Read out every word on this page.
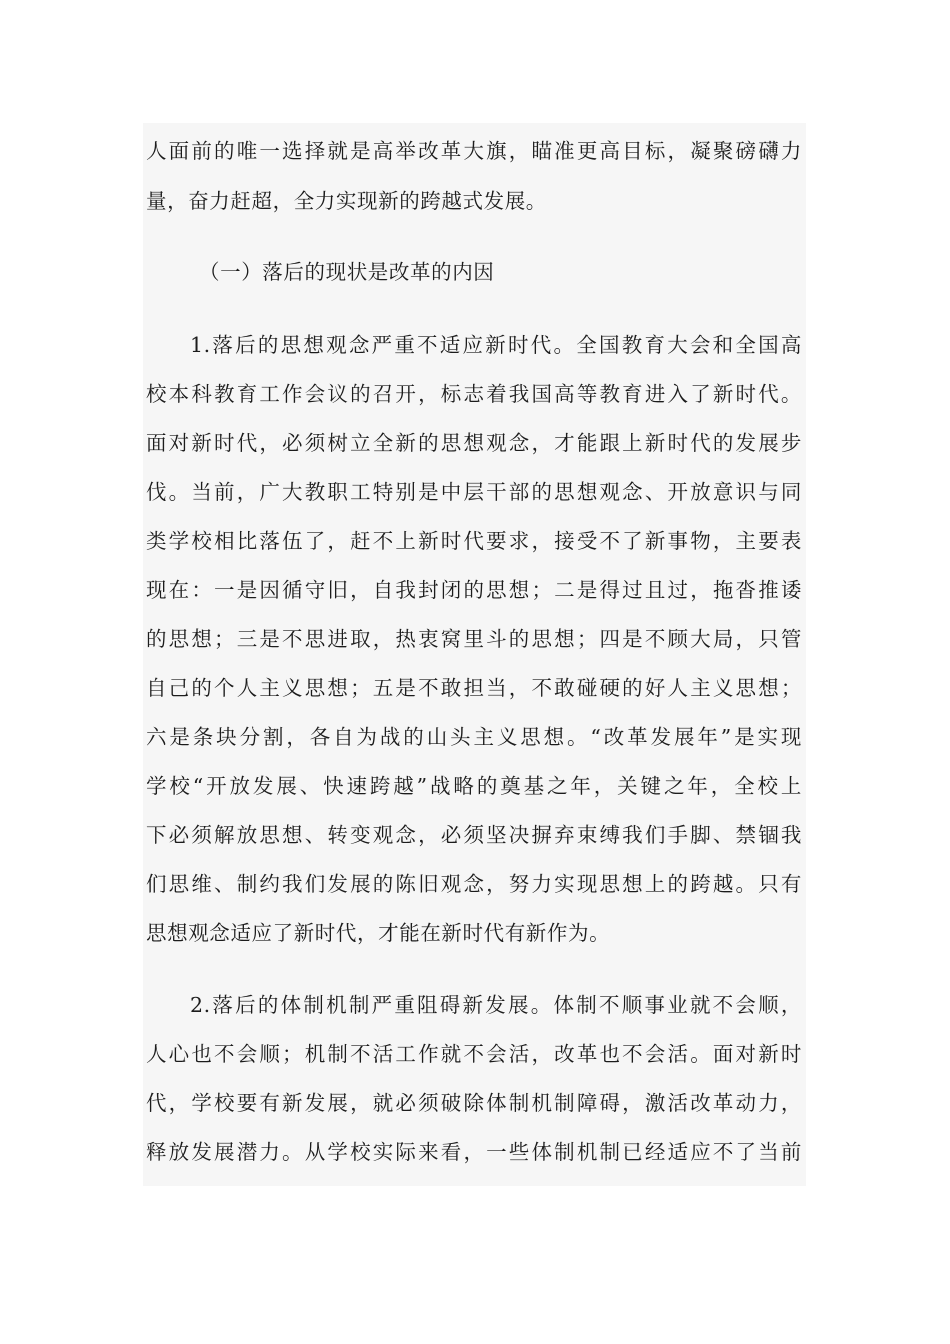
人面前的唯一选择就是高举改革大旗，瞄准更高目标，凝聚磅礴力
量，奋力赶超，全力实现新的跨越式发展。
（一）落后的现状是改革的内因
1.落后的思想观念严重不适应新时代。全国教育大会和全国高
校本科教育工作会议的召开，标志着我国高等教育进入了新时代。
面对新时代，必须树立全新的思想观念，才能跟上新时代的发展步
伐。当前，广大教职工特别是中层干部的思想观念、开放意识与同
类学校相比落伍了，赶不上新时代要求，接受不了新事物，主要表
现在：一是因循守旧，自我封闭的思想；二是得过且过，拖沓推诿
的思想；三是不思进取，热衷窝里斗的思想；四是不顾大局，只管
自己的个人主义思想；五是不敢担当，不敢碰硬的好人主义思想；
六是条块分割，各自为战的山头主义思想。“改革发展年”是实现
学校“开放发展、快速跨越”战略的奠基之年，关键之年，全校上
下必须解放思想、转变观念，必须坚决摒弃束缚我们手脚、禁锢我
们思维、制约我们发展的陈旧观念，努力实现思想上的跨越。只有
思想观念适应了新时代，才能在新时代有新作为。
2.落后的体制机制严重阻碍新发展。体制不顺事业就不会顺，
人心也不会顺；机制不活工作就不会活，改革也不会活。面对新时
代，学校要有新发展，就必须破除体制机制障碍，激活改革动力，
释放发展潜力。从学校实际来看，一些体制机制已经适应不了当前
